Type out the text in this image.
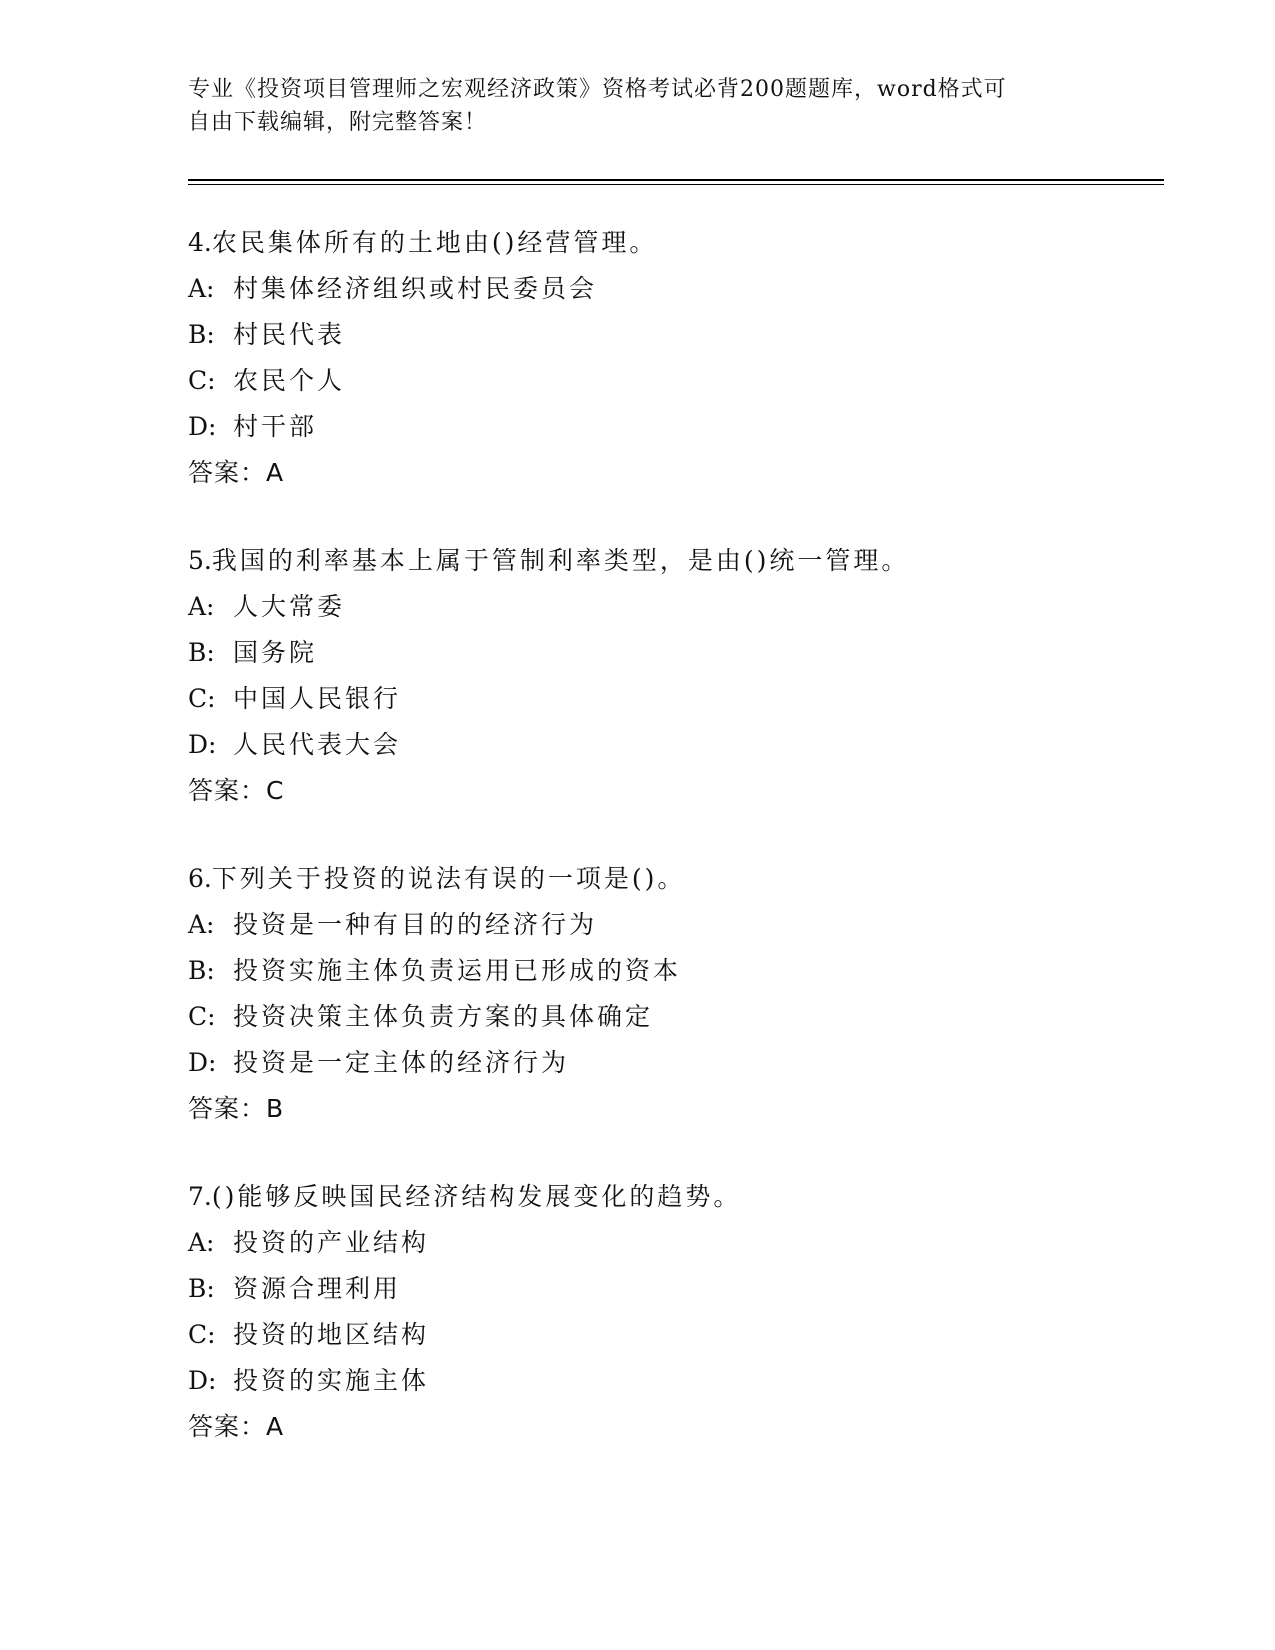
专业《投资项目管理师之宏观经济政策》资格考试必背200题题库，word格式可
自由下载编辑，附完整答案！
4.农民集体所有的土地由()经营管理。
A: 村集体经济组织或村民委员会
B: 村民代表
C: 农民个人
D: 村干部
答案：A
5.我国的利率基本上属于管制利率类型，是由()统一管理。
A: 人大常委
B: 国务院
C: 中国人民银行
D: 人民代表大会
答案：C
6.下列关于投资的说法有误的一项是()。
A: 投资是一种有目的的经济行为
B: 投资实施主体负责运用已形成的资本
C: 投资决策主体负责方案的具体确定
D: 投资是一定主体的经济行为
答案：B
7.()能够反映国民经济结构发展变化的趋势。
A: 投资的产业结构
B: 资源合理利用
C: 投资的地区结构
D: 投资的实施主体
答案：A
